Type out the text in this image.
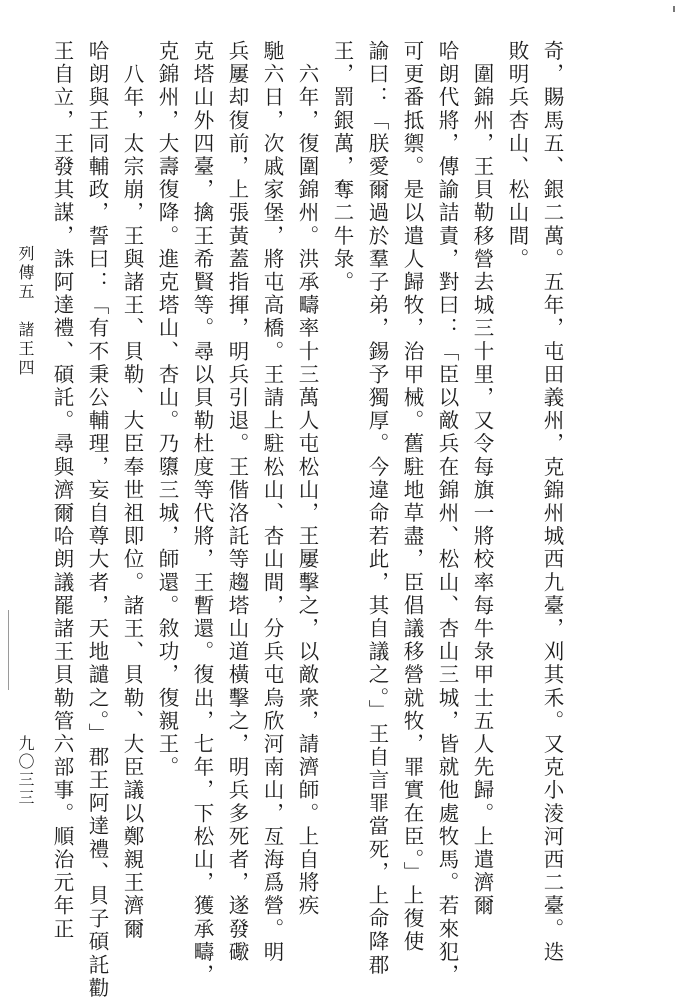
奇，賜馬五、銀二萬。五年，屯田義州，克錦州城西九臺，刈其禾。又克小淩河西二臺。迭
敗明兵杏山、松山間。
　圍錦州，王貝勒移營去城三十里，又令每旗一將校率每牛彔甲士五人先歸。上遣濟爾
哈朗代將，傳諭詰責，對曰：「臣以敵兵在錦州、松山、杏山三城，皆就他處牧馬。若來犯，
可更番抵禦。是以遣人歸牧，治甲械。舊駐地草盡，臣倡議移營就牧，罪實在臣。」上復使
諭曰：「朕愛爾過於羣子弟，錫予獨厚。今違命若此，其自議之。」王自言罪當死，上命降郡
王，罰銀萬，奪二牛彔。
　六年，復圍錦州。洪承疇率十三萬人屯松山，王屢擊之，以敵衆，請濟師。上自將疾
馳六日，次戚家堡，將屯高橋。王請上駐松山、杏山間，分兵屯烏欣河南山，亙海爲營。明
兵屢却復前，上張黃蓋指揮，明兵引退。王偕洛託等趨塔山道橫擊之，明兵多死者，遂發礮
克塔山外四臺，擒王希賢等。尋以貝勒杜度等代將，王暫還。復出，七年，下松山，獲承疇，
克錦州，大壽復降。進克塔山、杏山。乃隳三城，師還。敘功，復親王。
　八年，太宗崩，王與諸王、貝勒、大臣奉世祖即位。諸王、貝勒、大臣議以鄭親王濟爾
哈朗與王同輔政，誓曰：「有不秉公輔理，妄自尊大者，天地譴之。」郡王阿達禮、貝子碩託勸
王自立，王發其謀，誅阿達禮、碩託。尋與濟爾哈朗議罷諸王貝勒管六部事。順治元年正
列傳五　諸王四
九〇三三
